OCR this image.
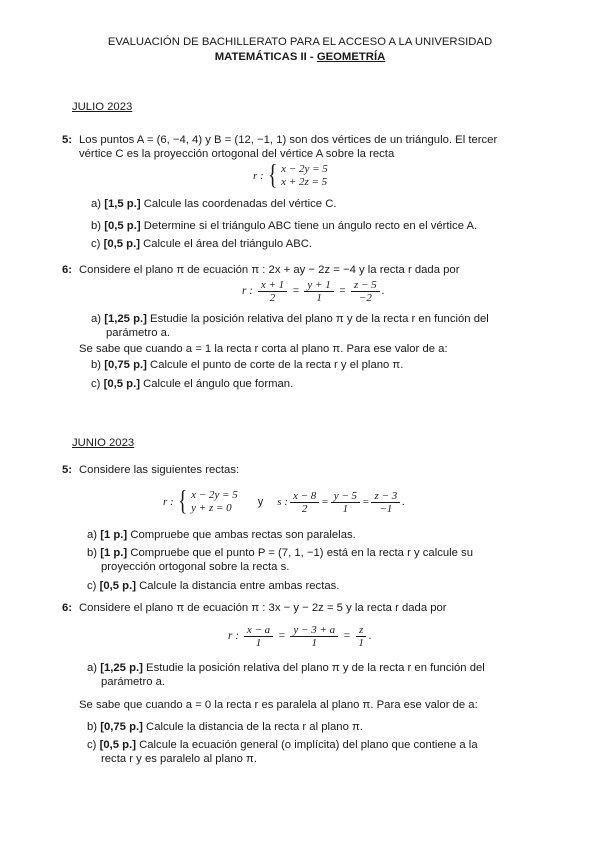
EVALUACIÓN DE BACHILLERATO PARA EL ACCESO A LA UNIVERSIDAD
MATEMÁTICAS II - GEOMETRÍA
JULIO 2023
5: Los puntos A = (6, −4, 4) y B = (12, −1, 1) son dos vértices de un triángulo. El tercer
vértice C es la proyección ortogonal del vértice A sobre la recta
r : { x − 2y = 5
x + 2z = 5
a) [1,5 p.] Calcule las coordenadas del vértice C.
b) [0,5 p.] Determine si el triángulo ABC tiene un ángulo recto en el vértice A.
c) [0,5 p.] Calcule el área del triángulo ABC.
6: Considere el plano π de ecuación π : 2x + ay − 2z = −4 y la recta r dada por
r : $\frac{x + 1}{2} = \frac{y + 1}{1} = \frac{z - 5}{-2}$ .
a) [1,25 p.] Estudie la posición relativa del plano π y de la recta r en función del
parámetro a.
Se sabe que cuando a = 1 la recta r corta al plano π. Para ese valor de a:
b) [0,75 p.] Calcule el punto de corte de la recta r y el plano π.
c) [0,5 p.] Calcule el ángulo que forman.
JUNIO 2023
5: Considere las siguientes rectas:
r : { x − 2y = 5
y + z = 0	y s : $\frac{x - 8}{2} = \frac{y - 5}{1} = \frac{z - 3}{-1}$ .
a) [1 p.] Compruebe que ambas rectas son paralelas.
b) [1 p.] Compruebe que el punto P = (7, 1, −1) está en la recta r y calcule su
proyección ortogonal sobre la recta s.
c) [0,5 p.] Calcule la distancia entre ambas rectas.
6: Considere el plano π de ecuación π : 3x − y − 2z = 5 y la recta r dada por
r : $\frac{x - a}{1} = \frac{y - 3 + a}{1} = \frac{z}{1}$ .
a) [1,25 p.] Estudie la posición relativa del plano π y de la recta r en función del
parámetro a.
Se sabe que cuando a = 0 la recta r es paralela al plano π. Para ese valor de a:
b) [0,75 p.] Calcule la distancia de la recta r al plano π.
c) [0,5 p.] Calcule la ecuación general (o implícita) del plano que contiene a la
recta r y es paralelo al plano π.
